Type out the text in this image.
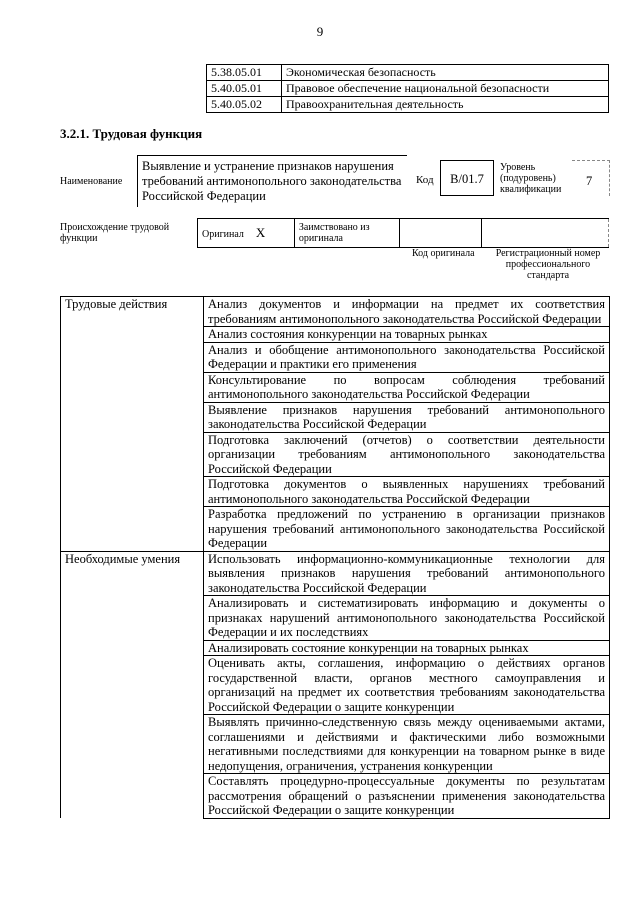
9
	5.38.05.01	Экономическая безопасность
	5.40.05.01	Правовое обеспечение национальной безопасности
	5.40.05.02	Правоохранительная деятельность
3.2.1. Трудовая функция
Наименование
Выявление и устранение признаков нарушения требований антимонопольного законодательства Российской Федерации
Код	B/01.7
Уровень (подуровень) квалификации
7
Происхождение трудовой функции	Оригинал X	Заимствовано из оригинала		
Код оригинала	Регистрационный номер профессионального стандарта
Трудовые действия	Анализ документов и информации на предмет их соответствия требованиям антимонопольного законодательства Российской Федерации
	Анализ состояния конкуренции на товарных рынках
	Анализ и обобщение антимонопольного законодательства Российской Федерации и практики его применения
	Консультирование по вопросам соблюдения требований антимонопольного законодательства Российской Федерации
	Выявление признаков нарушения требований антимонопольного законодательства Российской Федерации
	Подготовка заключений (отчетов) о соответствии деятельности организации требованиям антимонопольного законодательства Российской Федерации
	Подготовка документов о выявленных нарушениях требований антимонопольного законодательства Российской Федерации
	Разработка предложений по устранению в организации признаков нарушения требований антимонопольного законодательства Российской Федерации
Необходимые умения	Использовать информационно-коммуникационные технологии для выявления признаков нарушения требований антимонопольного законодательства Российской Федерации
	Анализировать и систематизировать информацию и документы о признаках нарушений антимонопольного законодательства Российской Федерации и их последствиях
	Анализировать состояние конкуренции на товарных рынках
	Оценивать акты, соглашения, информацию о действиях органов государственной власти, органов местного самоуправления и организаций на предмет их соответствия требованиям законодательства Российской Федерации о защите конкуренции
	Выявлять причинно-следственную связь между оцениваемыми актами, соглашениями и действиями и фактическими либо возможными негативными последствиями для конкуренции на товарном рынке в виде недопущения, ограничения, устранения конкуренции
	Составлять процедурно-процессуальные документы по результатам рассмотрения обращений о разъяснении применения законодательства Российской Федерации о защите конкуренции
